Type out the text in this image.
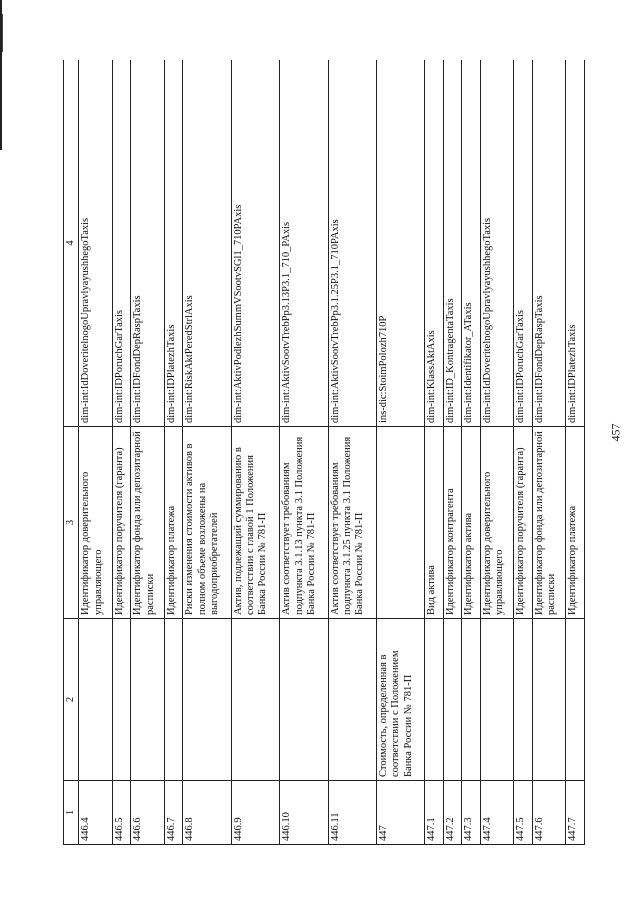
457
1	2	3	4
446.4		Идентификатор доверительного управляющего	dim-int:IdDoveritelnogoUpravlyayushhegoTaxis
446.5		Идентификатор поручителя (гаранта)	dim-int:IDPoruchGarTaxis
446.6		Идентификатор фонда или депозитарной расписки	dim-int:IDFondDepRaspTaxis
446.7		Идентификатор платежа	dim-int:IDPlatezhTaxis
446.8		Риски изменения стоимости активов в полном объеме возложены на выгодоприобретателей	dim-int:RiskAktPeredStrlAxis
446.9		Актив, подлежащий суммированию в соответствии с главой 1 Положения Банка России № 781-П	dim-int:AktivPodlezhSummVSootvSGl1_710PAxis
446.10		Актив соответствует требованиям подпункта 3.1.13 пункта 3.1 Положения Банка России № 781-П	dim-int:AktivSootvTrebPp3.13P3.1_710_PAxis
446.11		Актив соответствует требованиям подпункта 3.1.25 пункта 3.1 Положения Банка России № 781-П	dim-int:AktivSootvTrebPp3.1.25P3.1_710PAxis
447	Стоимость, определенная в соответствии с Положением Банка России № 781-П		ins-dic:StoimPolozh710P
447.1		Вид актива	dim-int:KlassAktAxis
447.2		Идентификатор контрагента	dim-int:ID_KontragentaTaxis
447.3		Идентификатор актива	dim-int:Identifikator_ATaxis
447.4		Идентификатор доверительного управляющего	dim-int:IdDoveritelnogoUpravlyayushhegoTaxis
447.5		Идентификатор поручителя (гаранта)	dim-int:IDPoruchGarTaxis
447.6		Идентификатор фонда или депозитарной расписки	dim-int:IDFondDepRaspTaxis
447.7		Идентификатор платежа	dim-int:IDPlatezhTaxis
